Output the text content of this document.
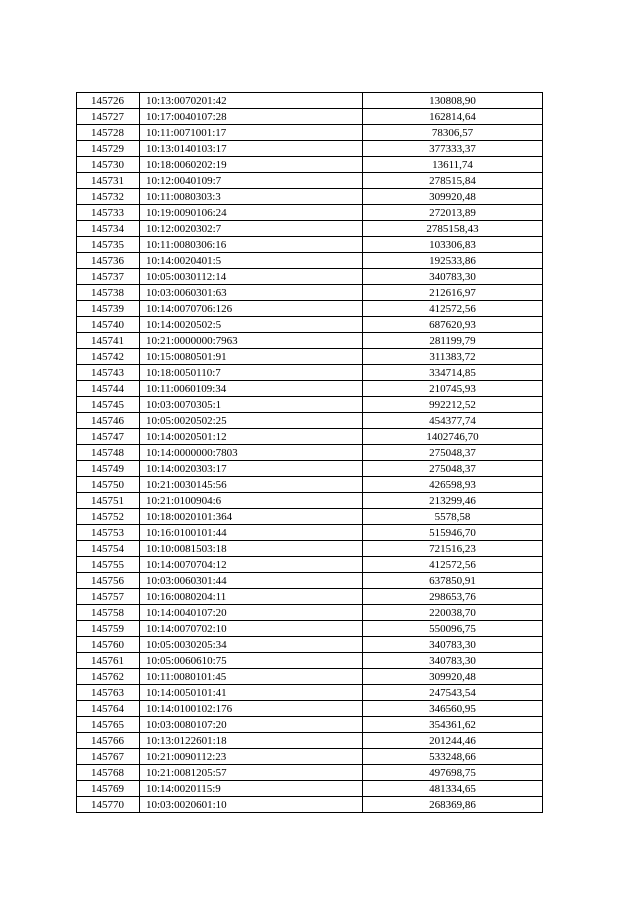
145726	10:13:0070201:42	130808,90
145727	10:17:0040107:28	162814,64
145728	10:11:0071001:17	78306,57
145729	10:13:0140103:17	377333,37
145730	10:18:0060202:19	13611,74
145731	10:12:0040109:7	278515,84
145732	10:11:0080303:3	309920,48
145733	10:19:0090106:24	272013,89
145734	10:12:0020302:7	2785158,43
145735	10:11:0080306:16	103306,83
145736	10:14:0020401:5	192533,86
145737	10:05:0030112:14	340783,30
145738	10:03:0060301:63	212616,97
145739	10:14:0070706:126	412572,56
145740	10:14:0020502:5	687620,93
145741	10:21:0000000:7963	281199,79
145742	10:15:0080501:91	311383,72
145743	10:18:0050110:7	334714,85
145744	10:11:0060109:34	210745,93
145745	10:03:0070305:1	992212,52
145746	10:05:0020502:25	454377,74
145747	10:14:0020501:12	1402746,70
145748	10:14:0000000:7803	275048,37
145749	10:14:0020303:17	275048,37
145750	10:21:0030145:56	426598,93
145751	10:21:0100904:6	213299,46
145752	10:18:0020101:364	5578,58
145753	10:16:0100101:44	515946,70
145754	10:10:0081503:18	721516,23
145755	10:14:0070704:12	412572,56
145756	10:03:0060301:44	637850,91
145757	10:16:0080204:11	298653,76
145758	10:14:0040107:20	220038,70
145759	10:14:0070702:10	550096,75
145760	10:05:0030205:34	340783,30
145761	10:05:0060610:75	340783,30
145762	10:11:0080101:45	309920,48
145763	10:14:0050101:41	247543,54
145764	10:14:0100102:176	346560,95
145765	10:03:0080107:20	354361,62
145766	10:13:0122601:18	201244,46
145767	10:21:0090112:23	533248,66
145768	10:21:0081205:57	497698,75
145769	10:14:0020115:9	481334,65
145770	10:03:0020601:10	268369,86
